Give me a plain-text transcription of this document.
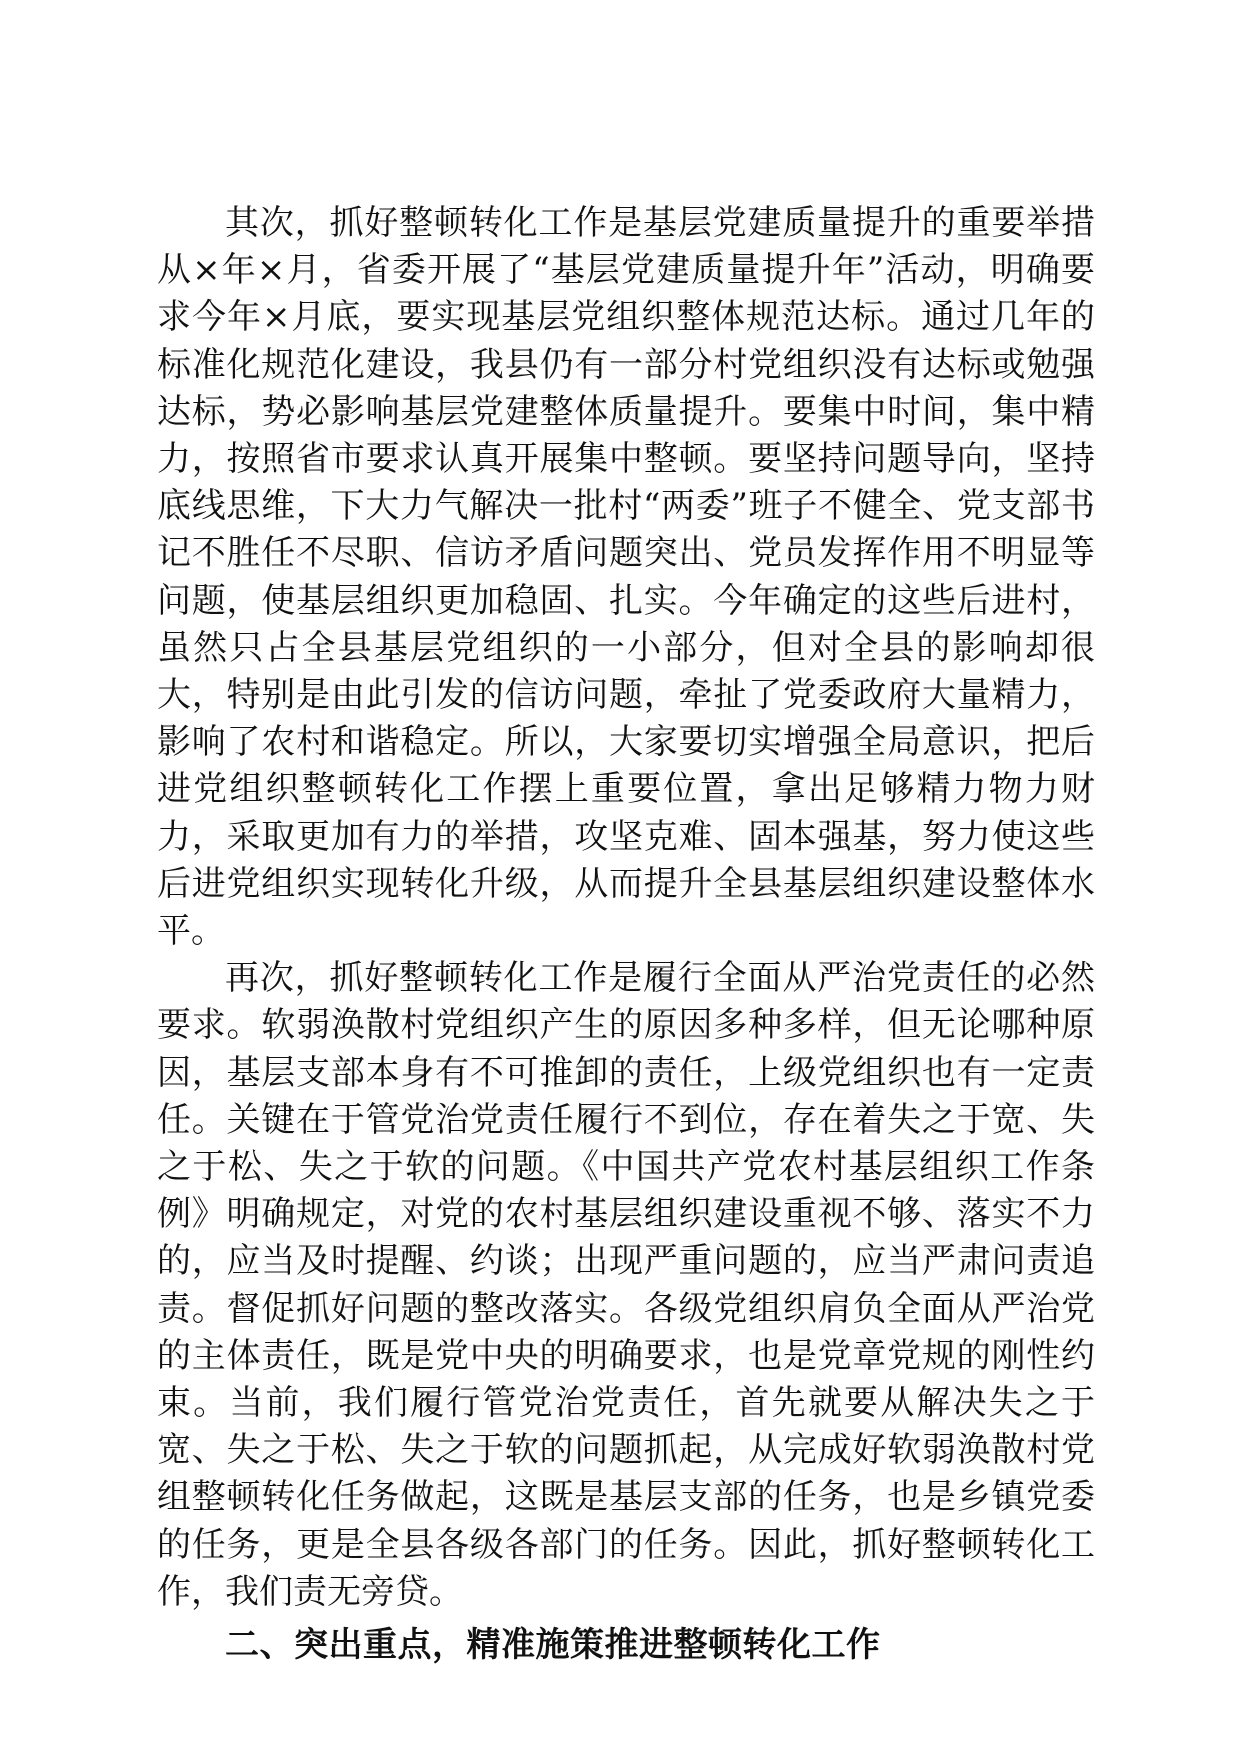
其次，抓好整顿转化工作是基层党建质量提升的重要举措从×年×月，省委开展了“基层党建质量提升年”活动，明确要求今年×月底，要实现基层党组织整体规范达标。通过几年的标准化规范化建设，我县仍有一部分村党组织没有达标或勉强达标，势必影响基层党建整体质量提升。要集中时间，集中精力，按照省市要求认真开展集中整顿。要坚持问题导向，坚持底线思维，下大力气解决一批村“两委”班子不健全、党支部书记不胜任不尽职、信访矛盾问题突出、党员发挥作用不明显等问题，使基层组织更加稳固、扎实。今年确定的这些后进村，虽然只占全县基层党组织的一小部分，但对全县的影响却很大，特别是由此引发的信访问题，牵扯了党委政府大量精力，影响了农村和谐稳定。所以，大家要切实增强全局意识，把后进党组织整顿转化工作摆上重要位置，拿出足够精力物力财力，采取更加有力的举措，攻坚克难、固本强基，努力使这些后进党组织实现转化升级，从而提升全县基层组织建设整体水平。

再次，抓好整顿转化工作是履行全面从严治党责任的必然要求。软弱涣散村党组织产生的原因多种多样，但无论哪种原因，基层支部本身有不可推卸的责任，上级党组织也有一定责任。关键在于管党治党责任履行不到位，存在着失之于宽、失之于松、失之于软的问题。《中国共产党农村基层组织工作条例》明确规定，对党的农村基层组织建设重视不够、落实不力的，应当及时提醒、约谈；出现严重问题的，应当严肃问责追责。督促抓好问题的整改落实。各级党组织肩负全面从严治党的主体责任，既是党中央的明确要求，也是党章党规的刚性约束。当前，我们履行管党治党责任，首先就要从解决失之于宽、失之于松、失之于软的问题抓起，从完成好软弱涣散村党组整顿转化任务做起，这既是基层支部的任务，也是乡镇党委的任务，更是全县各级各部门的任务。因此，抓好整顿转化工作，我们责无旁贷。

二、突出重点，精准施策推进整顿转化工作
